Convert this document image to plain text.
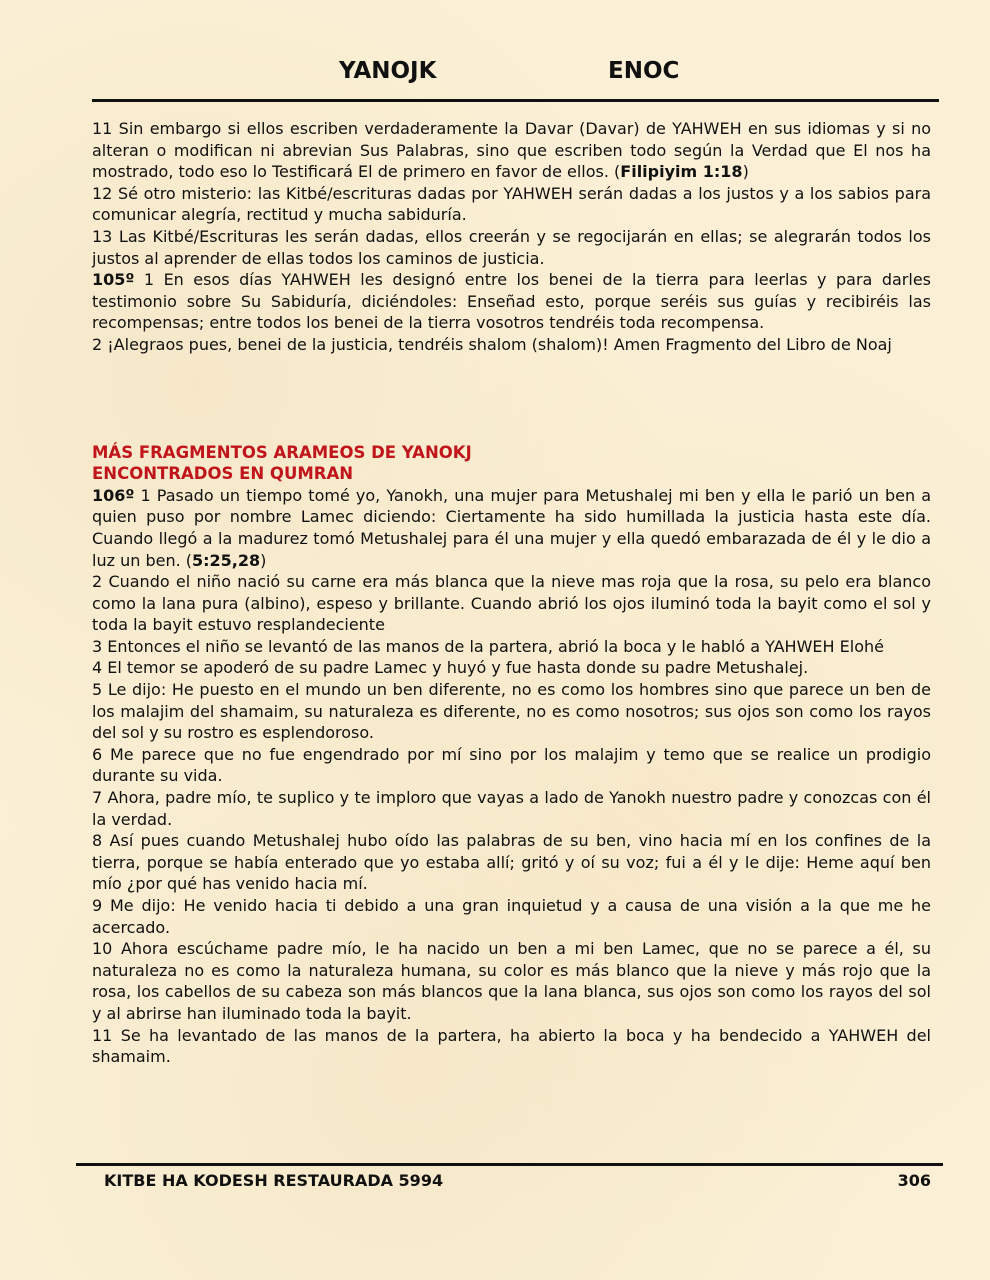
YANOJK	ENOC

11 Sin embargo si ellos escriben verdaderamente la Davar (Davar) de YAHWEH en sus idiomas y si no alteran o modifican ni abrevian Sus Palabras, sino que escriben todo según la Verdad que El nos ha mostrado, todo eso lo Testificará El de primero en favor de ellos. (Filipiyim 1:18)

12 Sé otro misterio: las Kitbé/escrituras dadas por YAHWEH serán dadas a los justos y a los sabios para comunicar alegría, rectitud y mucha sabiduría.

13 Las Kitbé/Escrituras les serán dadas, ellos creerán y se regocijarán en ellas; se alegrarán todos los justos al aprender de ellas todos los caminos de justicia.

105º 1 En esos días YAHWEH les designó entre los benei de la tierra para leerlas y para darles testimonio sobre Su Sabiduría, diciéndoles: Enseñad esto, porque seréis sus guías y recibiréis las recompensas; entre todos los benei de la tierra vosotros tendréis toda recompensa.

2 ¡Alegraos pues, benei de la justicia, tendréis shalom (shalom)! Amen Fragmento del Libro de Noaj

MÁS FRAGMENTOS ARAMEOS DE YANOKJ
ENCONTRADOS EN QUMRAN

106º 1 Pasado un tiempo tomé yo, Yanokh, una mujer para Metushalej mi ben y ella le parió un ben a quien puso por nombre Lamec diciendo: Ciertamente ha sido humillada la justicia hasta este día. Cuando llegó a la madurez tomó Metushalej para él una mujer y ella quedó embarazada de él y le dio a luz un ben. (5:25,28)

2 Cuando el niño nació su carne era más blanca que la nieve mas roja que la rosa, su pelo era blanco como la lana pura (albino), espeso y brillante. Cuando abrió los ojos iluminó toda la bayit como el sol y toda la bayit estuvo resplandeciente

3 Entonces el niño se levantó de las manos de la partera, abrió la boca y le habló a YAHWEH Elohé

4 El temor se apoderó de su padre Lamec y huyó y fue hasta donde su padre Metushalej.

5 Le dijo: He puesto en el mundo un ben diferente, no es como los hombres sino que parece un ben de los malajim del shamaim, su naturaleza es diferente, no es como nosotros; sus ojos son como los rayos del sol y su rostro es esplendoroso.

6 Me parece que no fue engendrado por mí sino por los malajim y temo que se realice un prodigio durante su vida.

7 Ahora, padre mío, te suplico y te imploro que vayas a lado de Yanokh nuestro padre y conozcas con él la verdad.

8 Así pues cuando Metushalej hubo oído las palabras de su ben, vino hacia mí en los confines de la tierra, porque se había enterado que yo estaba allí; gritó y oí su voz; fui a él y le dije: Heme aquí ben mío ¿por qué has venido hacia mí.

9 Me dijo: He venido hacia ti debido a una gran inquietud y a causa de una visión a la que me he acercado.

10 Ahora escúchame padre mío, le ha nacido un ben a mi ben Lamec, que no se parece a él, su naturaleza no es como la naturaleza humana, su color es más blanco que la nieve y más rojo que la rosa, los cabellos de su cabeza son más blancos que la lana blanca, sus ojos son como los rayos del sol y al abrirse han iluminado toda la bayit.

11 Se ha levantado de las manos de la partera, ha abierto la boca y ha bendecido a YAHWEH del shamaim.

KITBE HA KODESH RESTAURADA 5994	306
